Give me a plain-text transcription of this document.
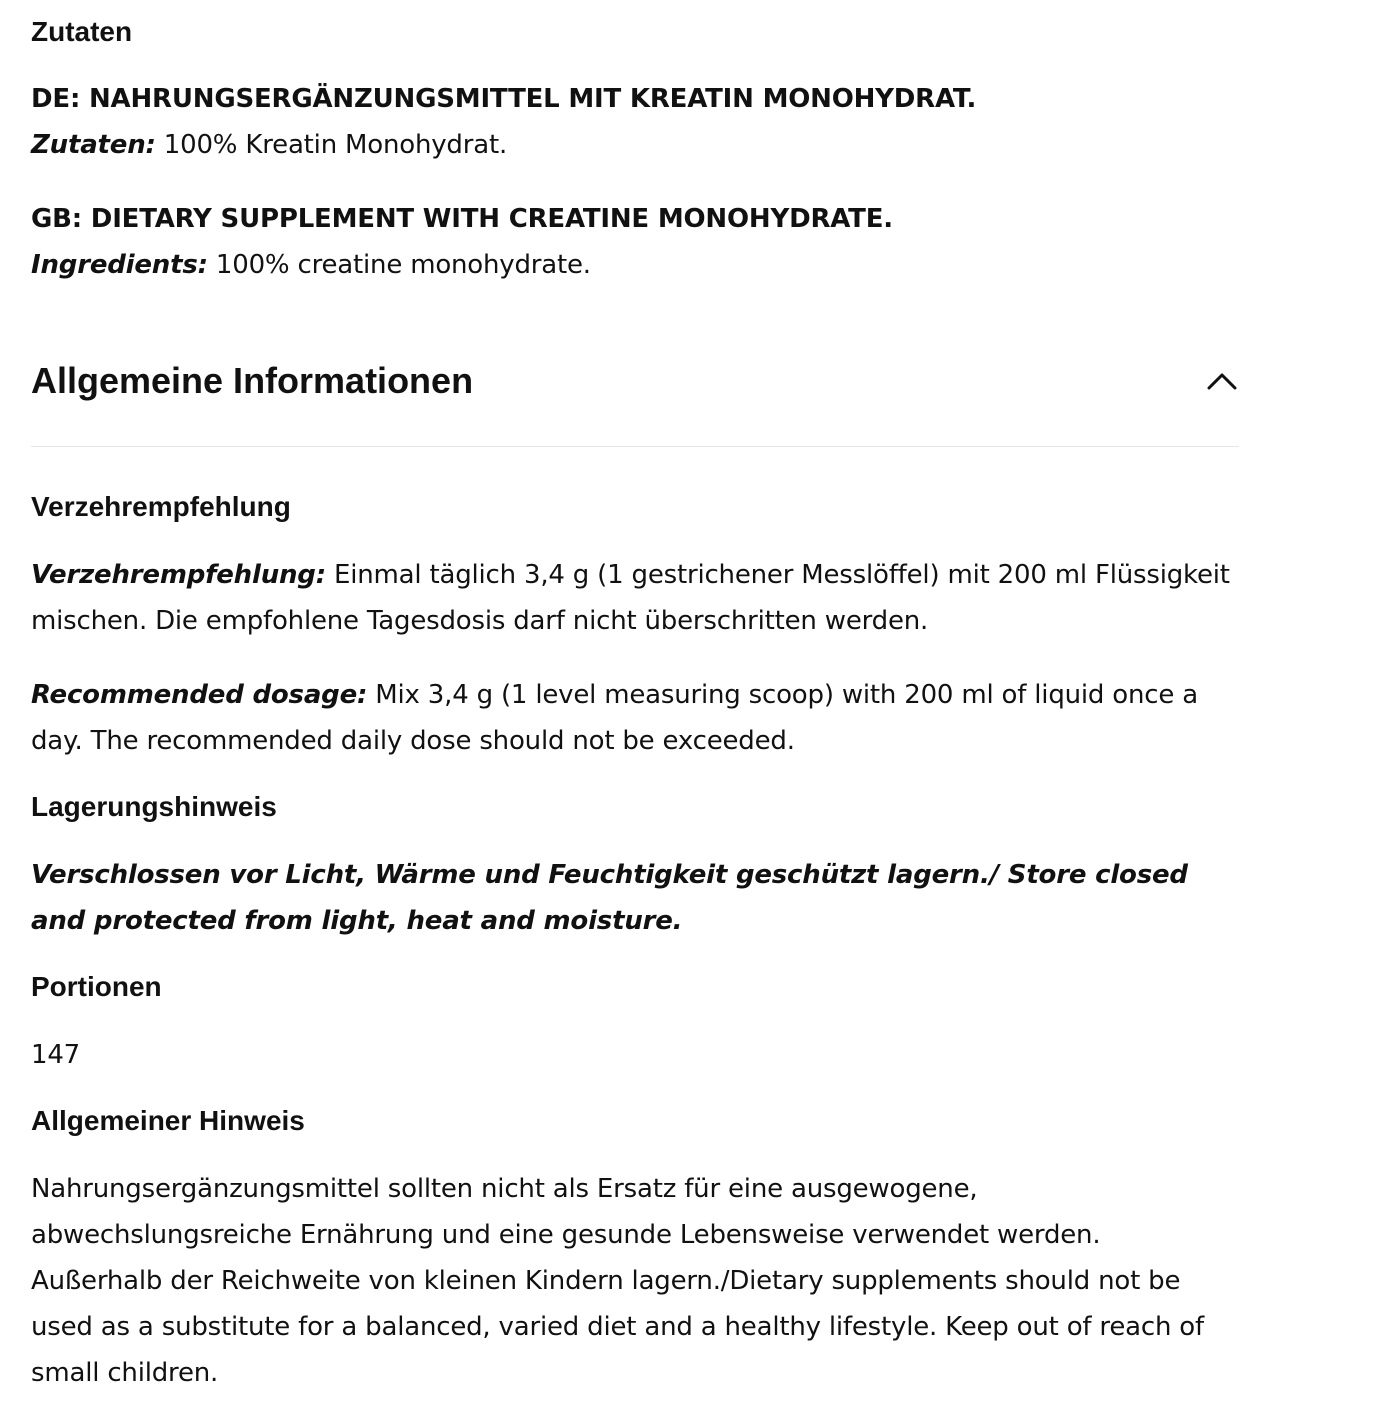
Zutaten

DE: NAHRUNGSERGÄNZUNGSMITTEL MIT KREATIN MONOHYDRAT.

Zutaten: 100% Kreatin Monohydrat.

GB: DIETARY SUPPLEMENT WITH CREATINE MONOHYDRATE.

Ingredients: 100% creatine monohydrate.

Allgemeine Informationen
Verzehrempfehlung

Verzehrempfehlung: Einmal täglich 3,4 g (1 gestrichener Messlöffel) mit 200 ml Flüssigkeit mischen. Die empfohlene Tagesdosis darf nicht überschritten werden.

Recommended dosage: Mix 3,4 g (1 level measuring scoop) with 200 ml of liquid once a day. The recommended daily dose should not be exceeded.

Lagerungshinweis

Verschlossen vor Licht, Wärme und Feuchtigkeit geschützt lagern./ Store closed and protected from light, heat and moisture.

Portionen

147

Allgemeiner Hinweis

Nahrungsergänzungsmittel sollten nicht als Ersatz für eine ausgewogene, abwechslungsreiche Ernährung und eine gesunde Lebensweise verwendet werden. Außerhalb der Reichweite von kleinen Kindern lagern./Dietary supplements should not be used as a substitute for a balanced, varied diet and a healthy lifestyle. Keep out of reach of small children.
